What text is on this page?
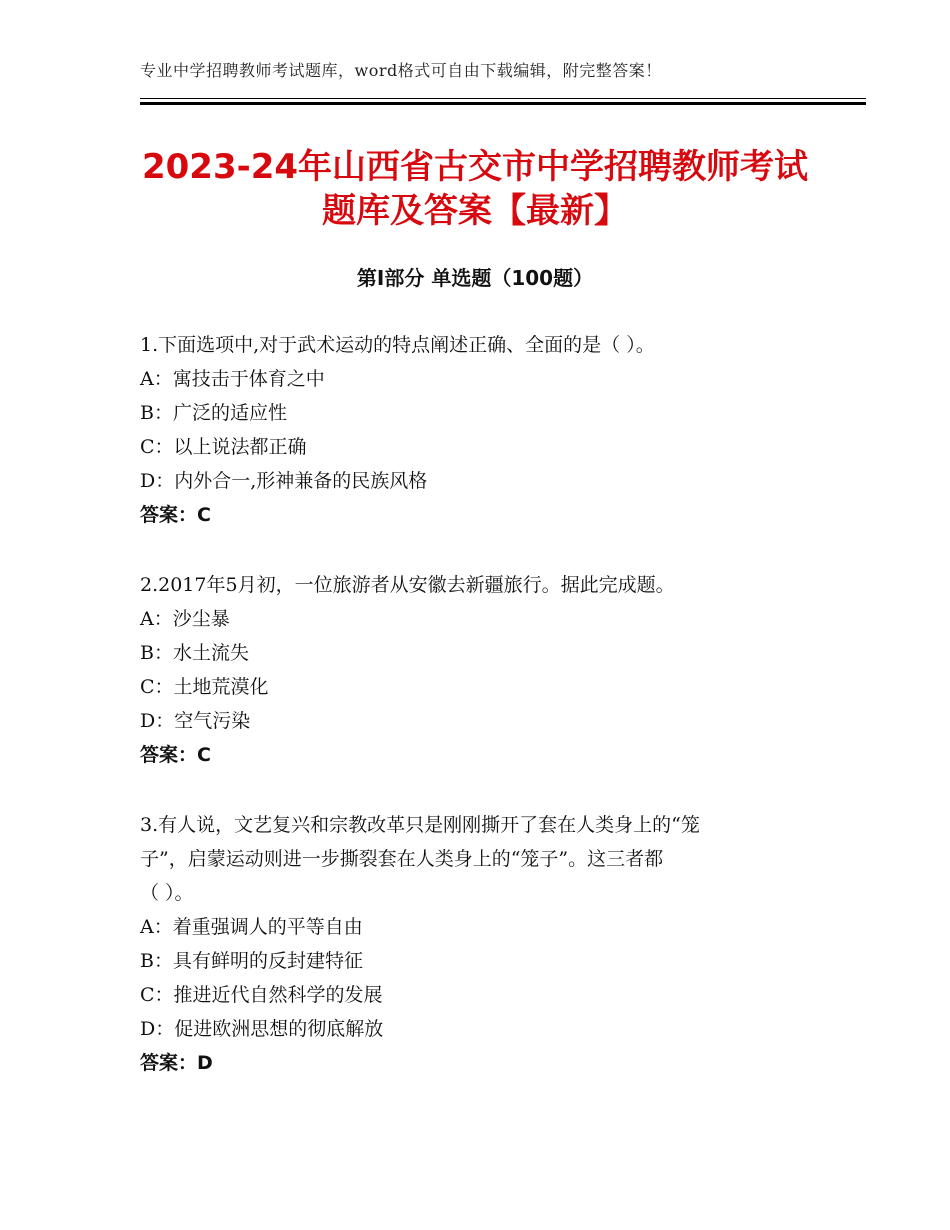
专业中学招聘教师考试题库，word格式可自由下载编辑，附完整答案！
2023-24年山西省古交市中学招聘教师考试
题库及答案【最新】
第Ⅰ部分 单选题（100题）

1.下面选项中,对于武术运动的特点阐述正确、全面的是（ ）。

A：寓技击于体育之中

B：广泛的适应性

C：以上说法都正确

D：内外合一,形神兼备的民族风格

答案：C

2.2017年5月初，一位旅游者从安徽去新疆旅行。据此完成题。

A：沙尘暴

B：水土流失

C：土地荒漠化

D：空气污染

答案：C

3.有人说，文艺复兴和宗教改革只是刚刚撕开了套在人类身上的“笼

子”，启蒙运动则进一步撕裂套在人类身上的“笼子”。这三者都

（ ）。

A：着重强调人的平等自由

B：具有鲜明的反封建特征

C：推进近代自然科学的发展

D：促进欧洲思想的彻底解放

答案：D
